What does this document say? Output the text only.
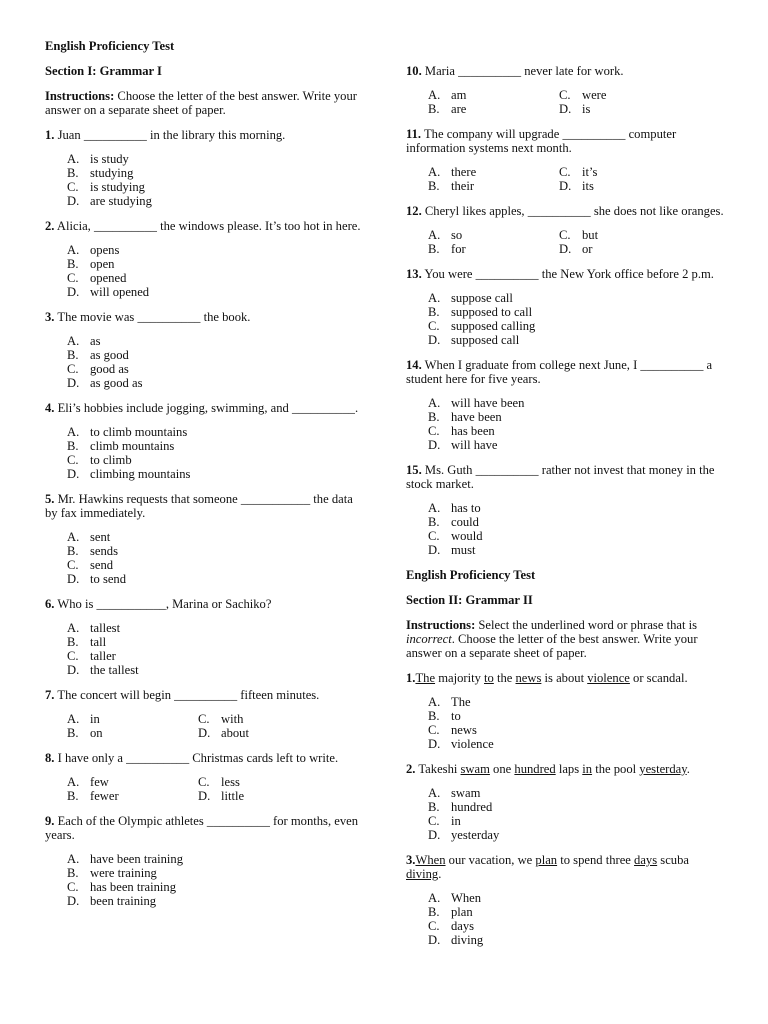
English Proficiency Test
Section I: Grammar I
Instructions: Choose the letter of the best answer. Write your answer on a separate sheet of paper.
1. Juan __________ in the library this morning.
A. is study
B. studying
C. is studying
D. are studying
2. Alicia, __________ the windows please. It’s too hot in here.
A. opens
B. open
C. opened
D. will opened
3. The movie was __________ the book.
A. as
B. as good
C. good as
D. as good as
4. Eli’s hobbies include jogging, swimming, and __________.
A. to climb mountains
B. climb mountains
C. to climb
D. climbing mountains
5. Mr. Hawkins requests that someone ___________ the data by fax immediately.
A. sent
B. sends
C. send
D. to send
6. Who is ___________, Marina or Sachiko?
A. tallest
B. tall
C. taller
D. the tallest
7. The concert will begin __________ fifteen minutes.
A. in	C. with
B. on	D. about
8. I have only a __________ Christmas cards left to write.
A. few	C. less
B. fewer	D. little
9. Each of the Olympic athletes __________ for months, even years.
A. have been training
B. were training
C. has been training
D. been training
10. Maria __________ never late for work.
A. am	C. were
B. are	D. is
11. The company will upgrade __________ computer information systems next month.
A. there	C. it’s
B. their	D. its
12. Cheryl likes apples, __________ she does not like oranges.
A. so	C. but
B. for	D. or
13. You were __________ the New York office before 2 p.m.
A. suppose call
B. supposed to call
C. supposed calling
D. supposed call
14. When I graduate from college next June, I __________ a student here for five years.
A. will have been
B. have been
C. has been
D. will have
15. Ms. Guth __________ rather not invest that money in the stock market.
A. has to
B. could
C. would
D. must
English Proficiency Test
Section II: Grammar II
Instructions: Select the underlined word or phrase that is incorrect. Choose the letter of the best answer. Write your answer on a separate sheet of paper.
1.The majority to the news is about violence or scandal.
A. The
B. to
C. news
D. violence
2. Takeshi swam one hundred laps in the pool yesterday.
A. swam
B. hundred
C. in
D. yesterday
3.When our vacation, we plan to spend three days scuba diving.
A. When
B. plan
C. days
D. diving
